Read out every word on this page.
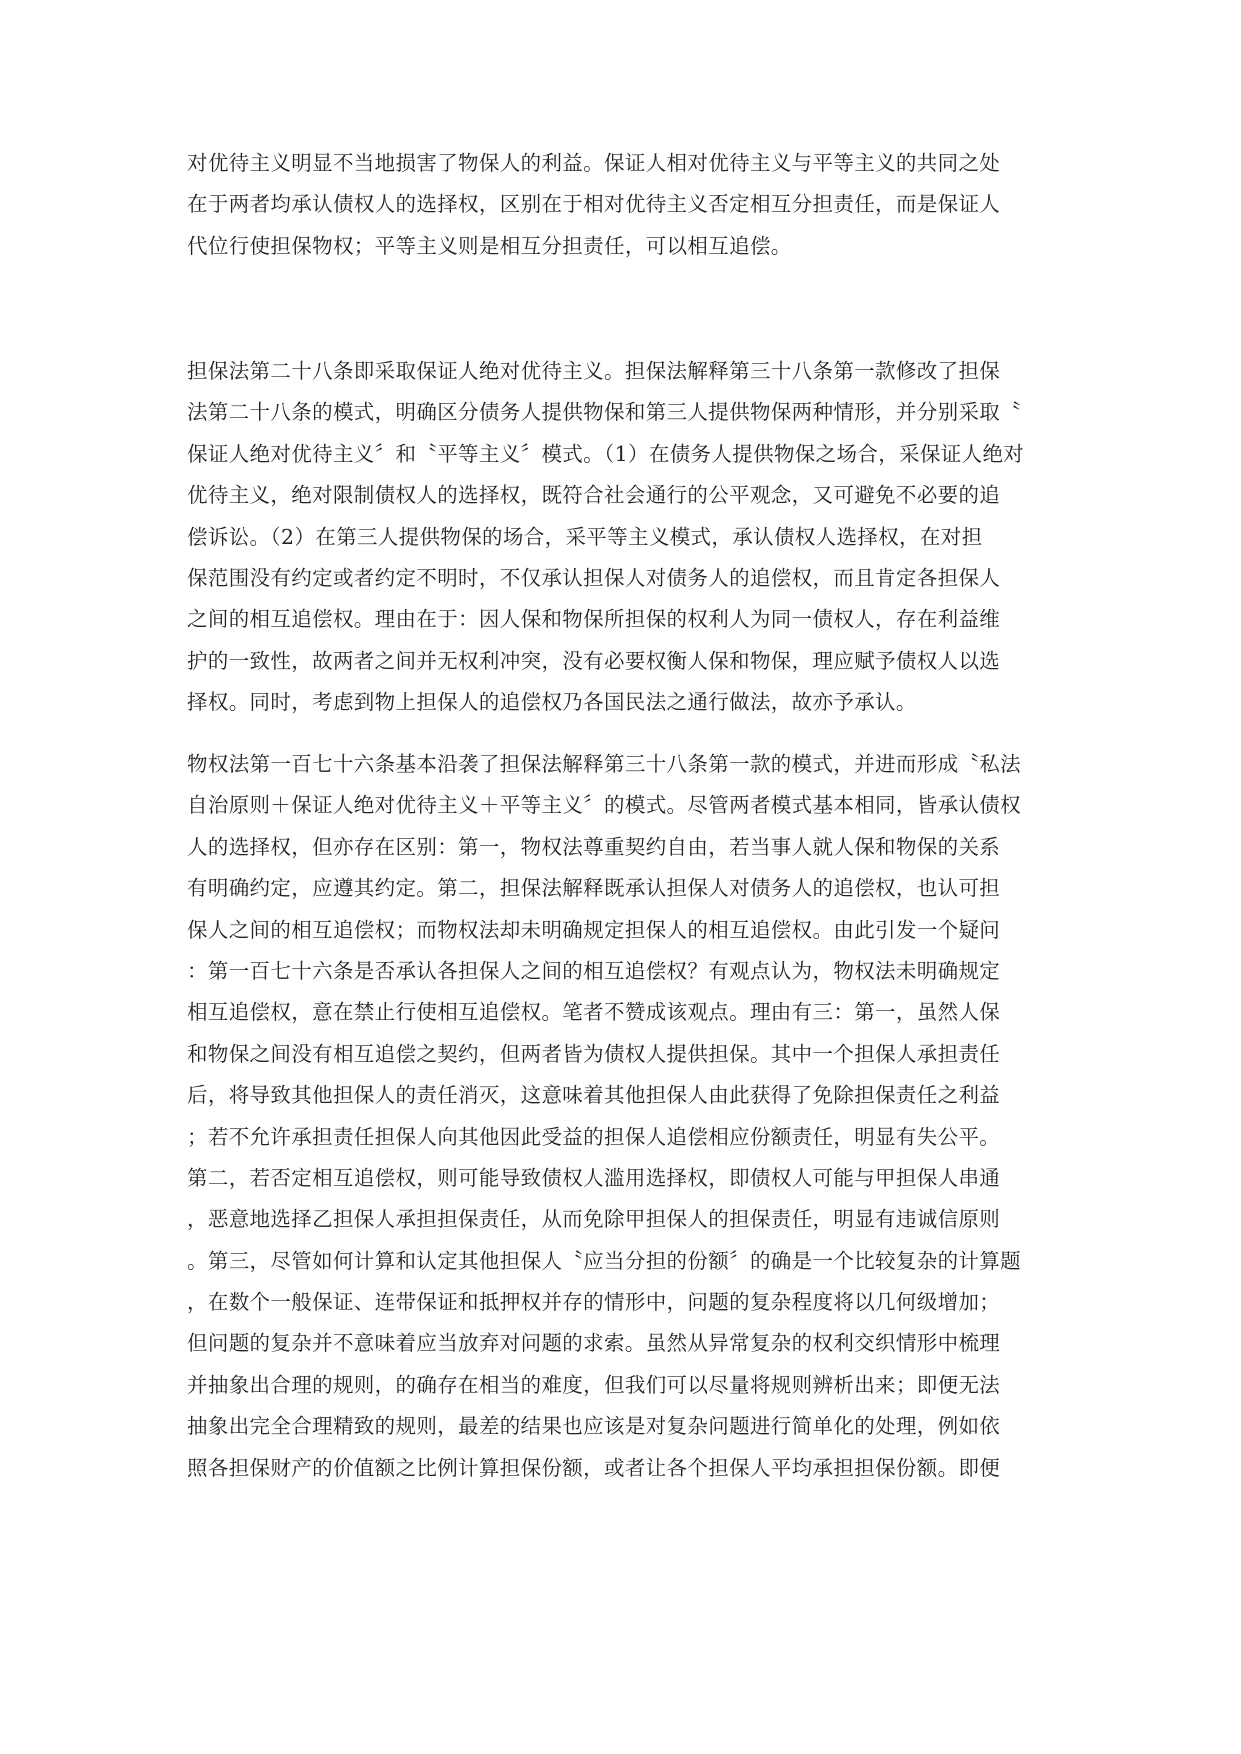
对优待主义明显不当地损害了物保人的利益。保证人相对优待主义与平等主义的共同之处
在于两者均承认债权人的选择权，区别在于相对优待主义否定相互分担责任，而是保证人
代位行使担保物权；平等主义则是相互分担责任，可以相互追偿。
担保法第二十八条即采取保证人绝对优待主义。担保法解释第三十八条第一款修改了担保
法第二十八条的模式，明确区分债务人提供物保和第三人提供物保两种情形，并分别采取〝
保证人绝对优待主义〞和〝平等主义〞模式。（1）在债务人提供物保之场合，采保证人绝对
优待主义，绝对限制债权人的选择权，既符合社会通行的公平观念，又可避免不必要的追
偿诉讼。（2）在第三人提供物保的场合，采平等主义模式，承认债权人选择权，在对担
保范围没有约定或者约定不明时，不仅承认担保人对债务人的追偿权，而且肯定各担保人
之间的相互追偿权。理由在于：因人保和物保所担保的权利人为同一债权人，存在利益维
护的一致性，故两者之间并无权利冲突，没有必要权衡人保和物保，理应赋予债权人以选
择权。同时，考虑到物上担保人的追偿权乃各国民法之通行做法，故亦予承认。
物权法第一百七十六条基本沿袭了担保法解释第三十八条第一款的模式，并进而形成〝私法
自治原则＋保证人绝对优待主义＋平等主义〞的模式。尽管两者模式基本相同，皆承认债权
人的选择权，但亦存在区别：第一，物权法尊重契约自由，若当事人就人保和物保的关系
有明确约定，应遵其约定。第二，担保法解释既承认担保人对债务人的追偿权，也认可担
保人之间的相互追偿权；而物权法却未明确规定担保人的相互追偿权。由此引发一个疑问
：第一百七十六条是否承认各担保人之间的相互追偿权？有观点认为，物权法未明确规定
相互追偿权，意在禁止行使相互追偿权。笔者不赞成该观点。理由有三：第一，虽然人保
和物保之间没有相互追偿之契约，但两者皆为债权人提供担保。其中一个担保人承担责任
后，将导致其他担保人的责任消灭，这意味着其他担保人由此获得了免除担保责任之利益
；若不允许承担责任担保人向其他因此受益的担保人追偿相应份额责任，明显有失公平。
第二，若否定相互追偿权，则可能导致债权人滥用选择权，即债权人可能与甲担保人串通
，恶意地选择乙担保人承担担保责任，从而免除甲担保人的担保责任，明显有违诚信原则
。第三，尽管如何计算和认定其他担保人〝应当分担的份额〞的确是一个比较复杂的计算题
，在数个一般保证、连带保证和抵押权并存的情形中，问题的复杂程度将以几何级增加；
但问题的复杂并不意味着应当放弃对问题的求索。虽然从异常复杂的权利交织情形中梳理
并抽象出合理的规则，的确存在相当的难度，但我们可以尽量将规则辨析出来；即便无法
抽象出完全合理精致的规则，最差的结果也应该是对复杂问题进行简单化的处理，例如依
照各担保财产的价值额之比例计算担保份额，或者让各个担保人平均承担担保份额。即便
